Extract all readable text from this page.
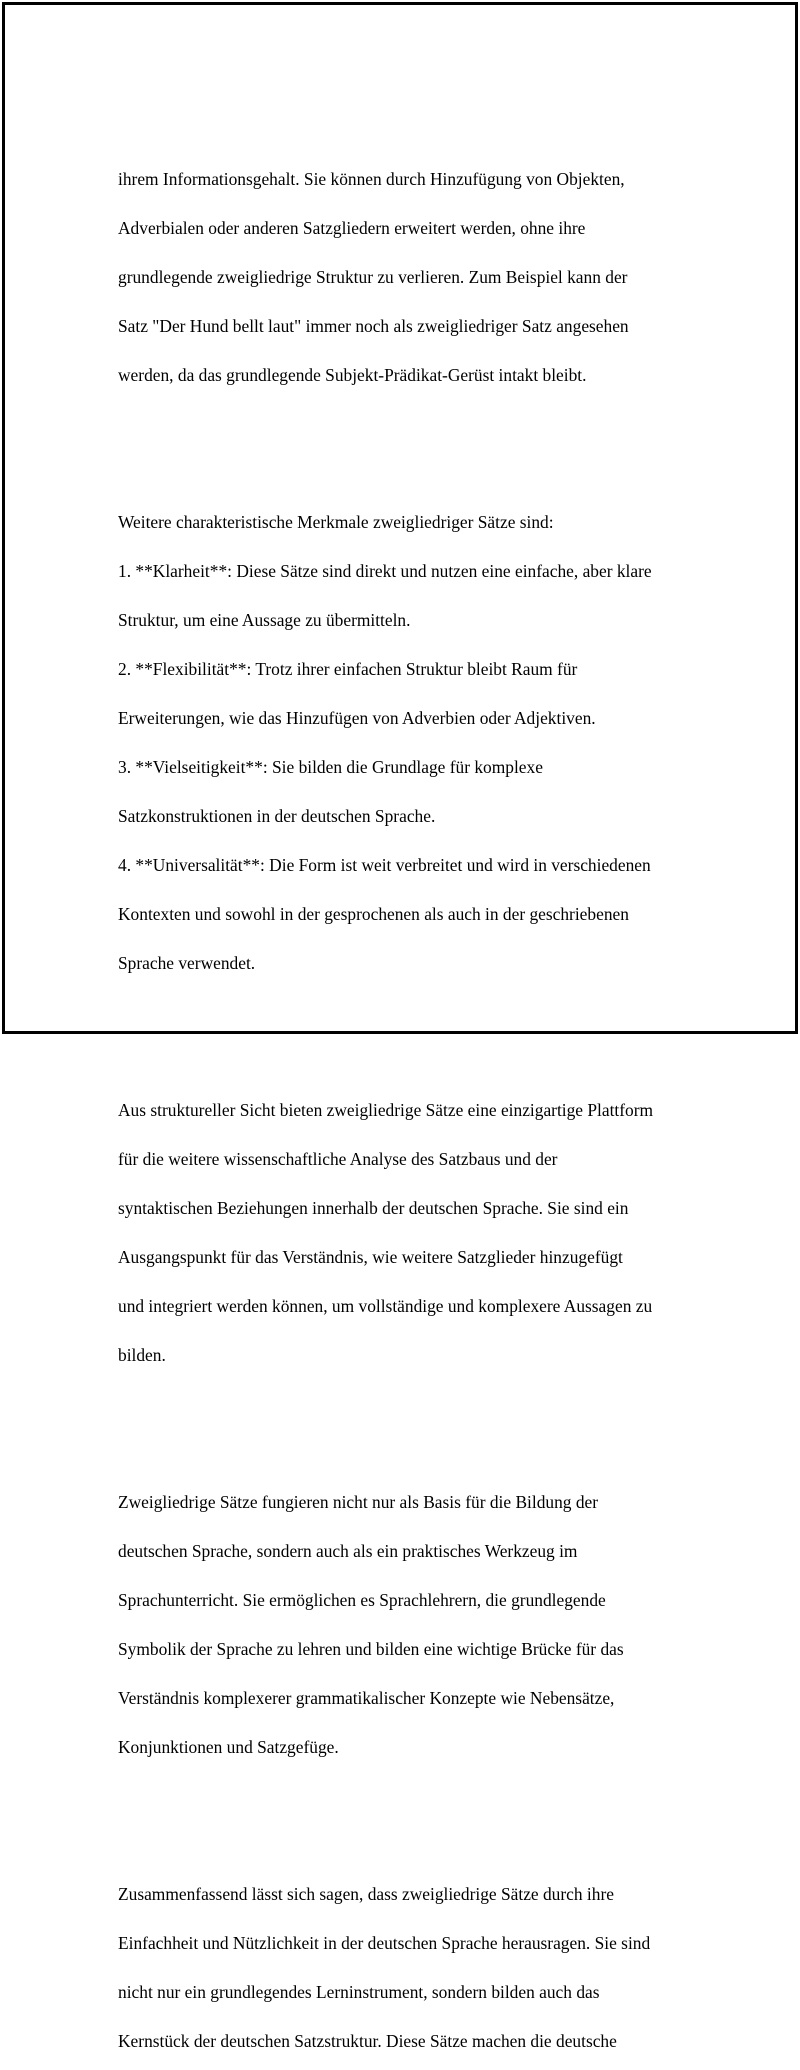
ihrem Informationsgehalt. Sie können durch Hinzufügung von Objekten,

Adverbialen oder anderen Satzgliedern erweitert werden, ohne ihre

grundlegende zweigliedrige Struktur zu verlieren. Zum Beispiel kann der

Satz "Der Hund bellt laut" immer noch als zweigliedriger Satz angesehen

werden, da das grundlegende Subjekt-Prädikat-Gerüst intakt bleibt.

Weitere charakteristische Merkmale zweigliedriger Sätze sind:

1. **Klarheit**: Diese Sätze sind direkt und nutzen eine einfache, aber klare

Struktur, um eine Aussage zu übermitteln.

2. **Flexibilität**: Trotz ihrer einfachen Struktur bleibt Raum für

Erweiterungen, wie das Hinzufügen von Adverbien oder Adjektiven.

3. **Vielseitigkeit**: Sie bilden die Grundlage für komplexe

Satzkonstruktionen in der deutschen Sprache.

4. **Universalität**: Die Form ist weit verbreitet und wird in verschiedenen

Kontexten und sowohl in der gesprochenen als auch in der geschriebenen

Sprache verwendet.

Aus struktureller Sicht bieten zweigliedrige Sätze eine einzigartige Plattform

für die weitere wissenschaftliche Analyse des Satzbaus und der

syntaktischen Beziehungen innerhalb der deutschen Sprache. Sie sind ein

Ausgangspunkt für das Verständnis, wie weitere Satzglieder hinzugefügt

und integriert werden können, um vollständige und komplexere Aussagen zu

bilden.

Zweigliedrige Sätze fungieren nicht nur als Basis für die Bildung der

deutschen Sprache, sondern auch als ein praktisches Werkzeug im

Sprachunterricht. Sie ermöglichen es Sprachlehrern, die grundlegende

Symbolik der Sprache zu lehren und bilden eine wichtige Brücke für das

Verständnis komplexerer grammatikalischer Konzepte wie Nebensätze,

Konjunktionen und Satzgefüge.

Zusammenfassend lässt sich sagen, dass zweigliedrige Sätze durch ihre

Einfachheit und Nützlichkeit in der deutschen Sprache herausragen. Sie sind

nicht nur ein grundlegendes Lerninstrument, sondern bilden auch das

Kernstück der deutschen Satzstruktur. Diese Sätze machen die deutsche
